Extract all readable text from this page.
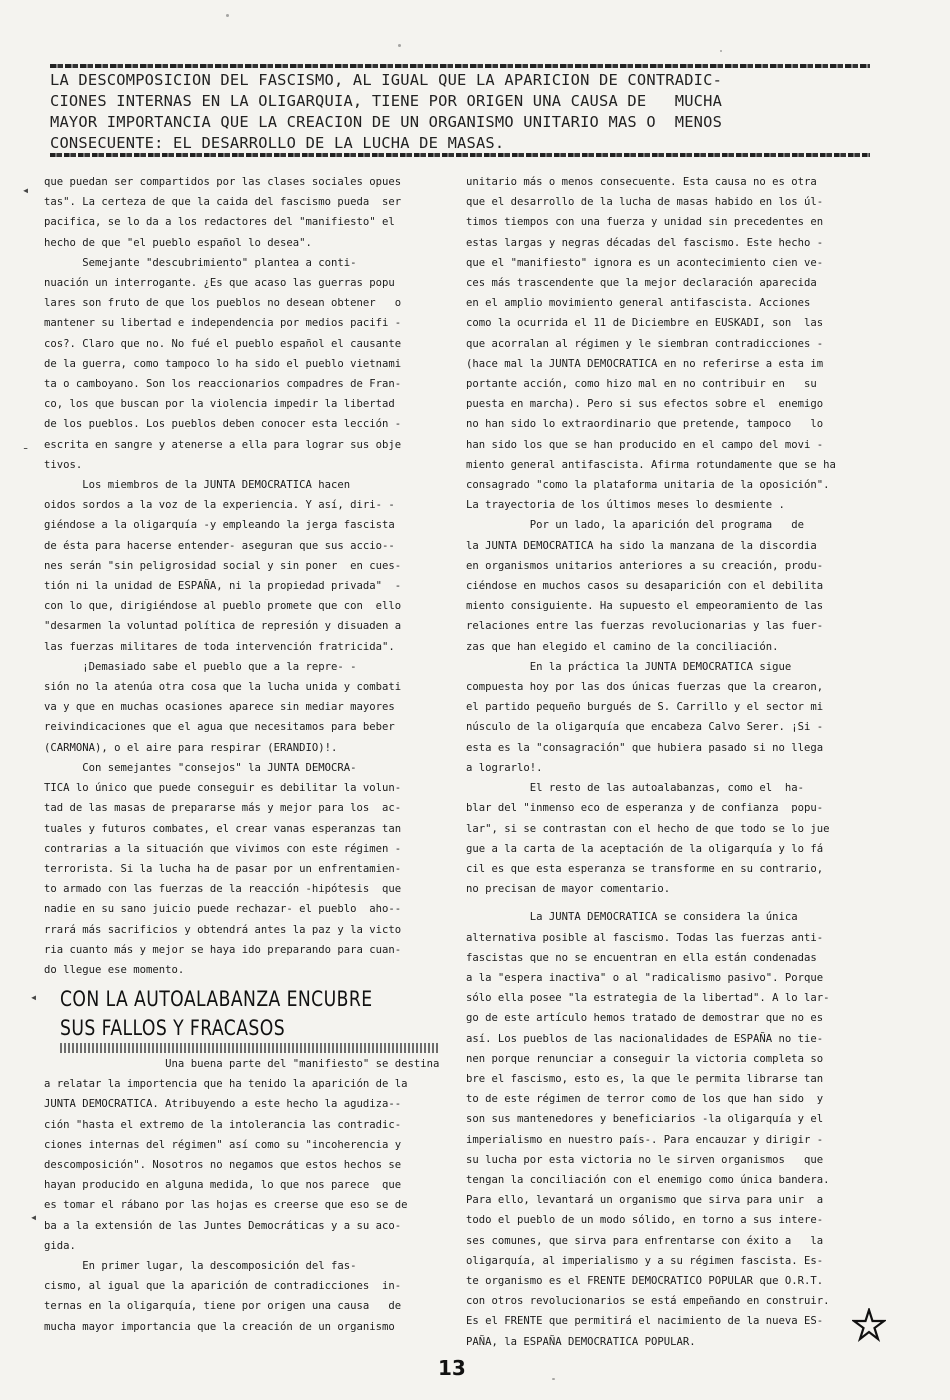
LA DESCOMPOSICION DEL FASCISMO, AL IGUAL QUE LA APARICION DE CONTRADIC-
CIONES INTERNAS EN LA OLIGARQUIA, TIENE POR ORIGEN UNA CAUSA DE   MUCHA
MAYOR IMPORTANCIA QUE LA CREACION DE UN ORGANISMO UNITARIO MAS O  MENOS
CONSECUENTE: EL DESARROLLO DE LA LUCHA DE MASAS.
que puedan ser compartidos por las clases sociales opues
tas". La certeza de que la caida del fascismo pueda  ser
pacifica, se lo da a los redactores del "manifiesto" el
hecho de que "el pueblo español lo desea".
Semejante "descubrimiento" plantea a conti-
nuación un interrogante. ¿Es que acaso las guerras popu
lares son fruto de que los pueblos no desean obtener   o
mantener su libertad e independencia por medios pacifi -
cos?. Claro que no. No fué el pueblo español el causante
de la guerra, como tampoco lo ha sido el pueblo vietnami
ta o camboyano. Son los reaccionarios compadres de Fran-
co, los que buscan por la violencia impedir la libertad
de los pueblos. Los pueblos deben conocer esta lección -
escrita en sangre y atenerse a ella para lograr sus obje
tivos.
Los miembros de la JUNTA DEMOCRATICA hacen
oidos sordos a la voz de la experiencia. Y así, diri- -
giéndose a la oligarquía -y empleando la jerga fascista
de ésta para hacerse entender- aseguran que sus accio--
nes serán "sin peligrosidad social y sin poner  en cues-
tión ni la unidad de ESPAÑA, ni la propiedad privada"  -
con lo que, dirigiéndose al pueblo promete que con  ello
"desarmen la voluntad política de represión y disuaden a
las fuerzas militares de toda intervención fratricida".
¡Demasiado sabe el pueblo que a la repre- -
sión no la atenúa otra cosa que la lucha unida y combati
va y que en muchas ocasiones aparece sin mediar mayores
reivindicaciones que el agua que necesitamos para beber
(CARMONA), o el aire para respirar (ERANDIO)!.
Con semejantes "consejos" la JUNTA DEMOCRA-
TICA lo único que puede conseguir es debilitar la volun-
tad de las masas de prepararse más y mejor para los  ac-
tuales y futuros combates, el crear vanas esperanzas tan
contrarias a la situación que vivimos con este régimen -
terrorista. Si la lucha ha de pasar por un enfrentamien-
to armado con las fuerzas de la reacción -hipótesis  que
nadie en su sano juicio puede rechazar- el pueblo  aho--
rrará más sacrificios y obtendrá antes la paz y la victo
ria cuanto más y mejor se haya ido preparando para cuan-
do llegue ese momento.
CON LA AUTOALABANZA ENCUBRE
SUS FALLOS Y FRACASOS
Una buena parte del "manifiesto" se destina
a relatar la importencia que ha tenido la aparición de la
JUNTA DEMOCRATICA. Atribuyendo a este hecho la agudiza--
ción "hasta el extremo de la intolerancia las contradic-
ciones internas del régimen" así como su "incoherencia y
descomposición". Nosotros no negamos que estos hechos se
hayan producido en alguna medida, lo que nos parece  que
es tomar el rábano por las hojas es creerse que eso se de
ba a la extensión de las Juntes Democráticas y a su aco-
gida.
En primer lugar, la descomposición del fas-
cismo, al igual que la aparición de contradicciones  in-
ternas en la oligarquía, tiene por origen una causa   de
mucha mayor importancia que la creación de un organismo
unitario más o menos consecuente. Esta causa no es otra
que el desarrollo de la lucha de masas habido en los úl-
timos tiempos con una fuerza y unidad sin precedentes en
estas largas y negras décadas del fascismo. Este hecho -
que el "manifiesto" ignora es un acontecimiento cien ve-
ces más trascendente que la mejor declaración aparecida
en el amplio movimiento general antifascista. Acciones
como la ocurrida el 11 de Diciembre en EUSKADI, son  las
que acorralan al régimen y le siembran contradicciones -
(hace mal la JUNTA DEMOCRATICA en no referirse a esta im
portante acción, como hizo mal en no contribuir en   su
puesta en marcha). Pero si sus efectos sobre el  enemigo
no han sido lo extraordinario que pretende, tampoco   lo
han sido los que se han producido en el campo del movi -
miento general antifascista. Afirma rotundamente que se ha
consagrado "como la plataforma unitaria de la oposición".
La trayectoria de los últimos meses lo desmiente .
Por un lado, la aparición del programa   de
la JUNTA DEMOCRATICA ha sido la manzana de la discordia
en organismos unitarios anteriores a su creación, produ-
ciéndose en muchos casos su desaparición con el debilita
miento consiguiente. Ha supuesto el empeoramiento de las
relaciones entre las fuerzas revolucionarias y las fuer-
zas que han elegido el camino de la conciliación.
En la práctica la JUNTA DEMOCRATICA sigue
compuesta hoy por las dos únicas fuerzas que la crearon,
el partido pequeño burgués de S. Carrillo y el sector mi
núsculo de la oligarquía que encabeza Calvo Serer. ¡Si -
esta es la "consagración" que hubiera pasado si no llega
a lograrlo!.
El resto de las autoalabanzas, como el  ha-
blar del "inmenso eco de esperanza y de confianza  popu-
lar", si se contrastan con el hecho de que todo se lo jue
gue a la carta de la aceptación de la oligarquía y lo fá
cil es que esta esperanza se transforme en su contrario,
no precisan de mayor comentario.
La JUNTA DEMOCRATICA se considera la única
alternativa posible al fascismo. Todas las fuerzas anti-
fascistas que no se encuentran en ella están condenadas
a la "espera inactiva" o al "radicalismo pasivo". Porque
sólo ella posee "la estrategia de la libertad". A lo lar-
go de este artículo hemos tratado de demostrar que no es
así. Los pueblos de las nacionalidades de ESPAÑA no tie-
nen porque renunciar a conseguir la victoria completa so
bre el fascismo, esto es, la que le permita librarse tan
to de este régimen de terror como de los que han sido  y
son sus mantenedores y beneficiarios -la oligarquía y el
imperialismo en nuestro país-. Para encauzar y dirigir -
su lucha por esta victoria no le sirven organismos   que
tengan la conciliación con el enemigo como única bandera.
Para ello, levantará un organismo que sirva para unir  a
todo el pueblo de un modo sólido, en torno a sus intere-
ses comunes, que sirva para enfrentarse con éxito a   la
oligarquía, al imperialismo y a su régimen fascista. Es-
te organismo es el FRENTE DEMOCRATICO POPULAR que O.R.T.
con otros revolucionarios se está empeñando en construir.
Es el FRENTE que permitirá el nacimiento de la nueva ES-
PAÑA, la ESPAÑA DEMOCRATICA POPULAR.
13
◂
ˍ
◂
◂
